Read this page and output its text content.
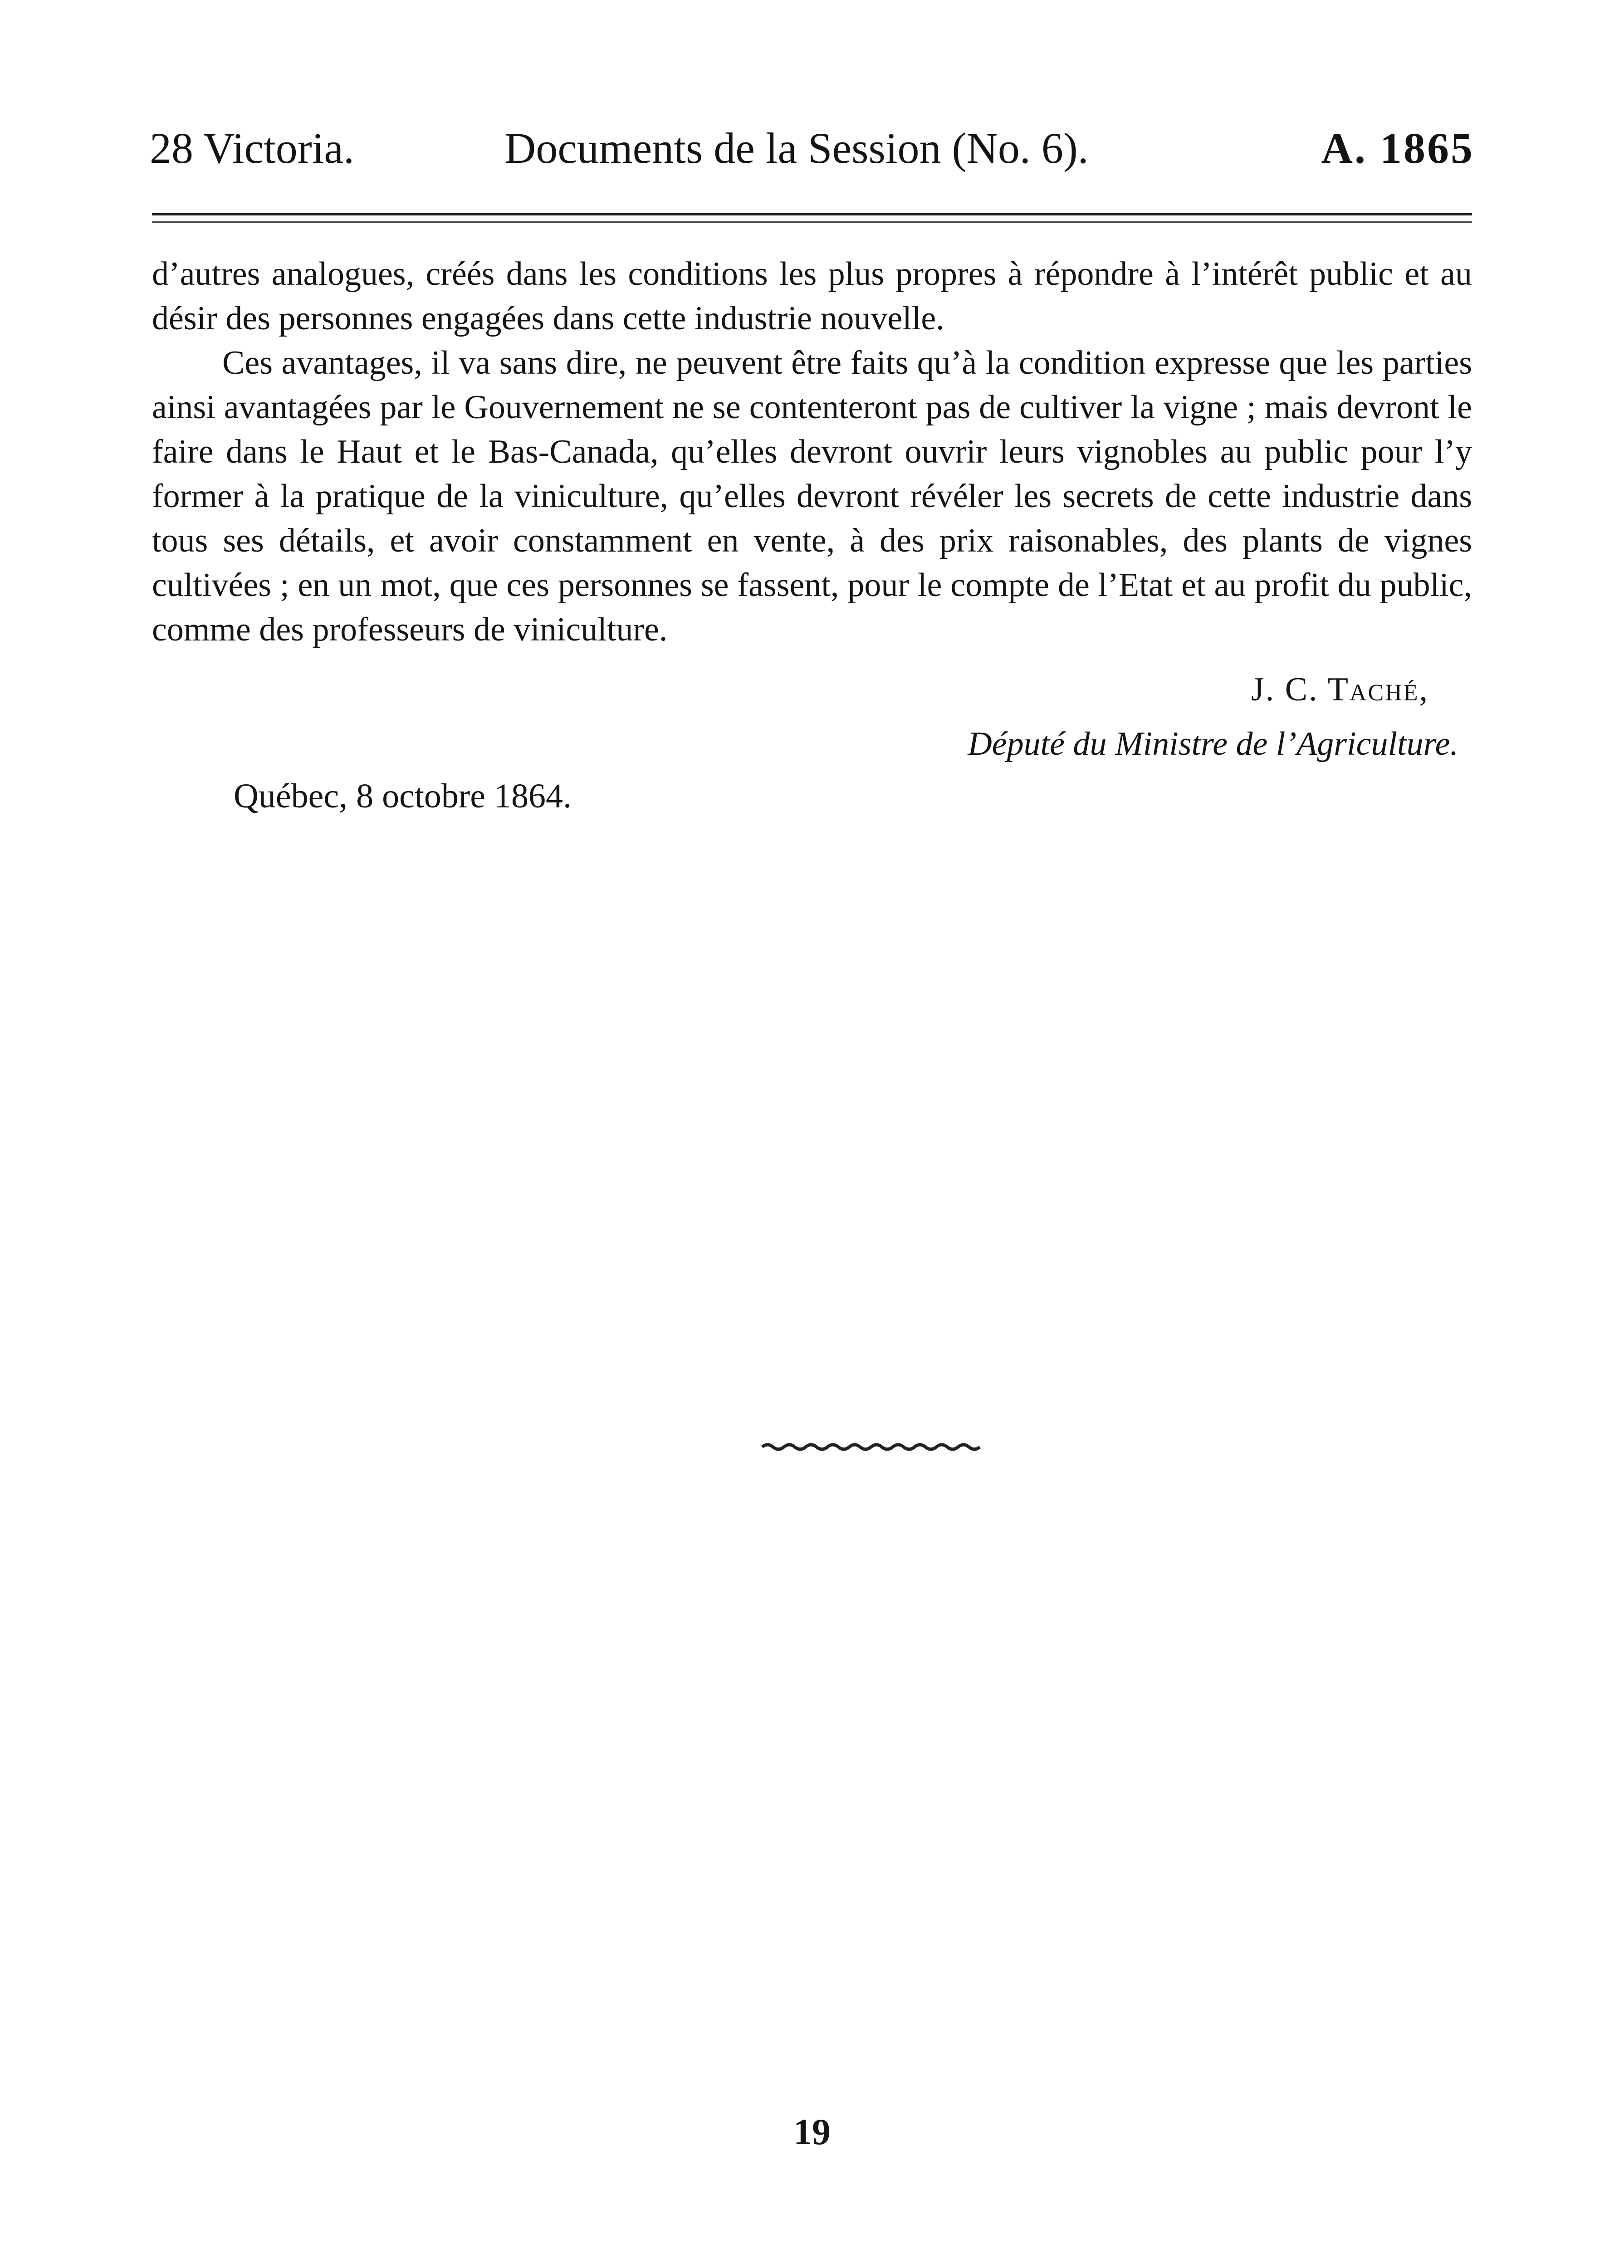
28 Victoria.	Documents de la Session (No. 6).	A. 1865

d’autres analogues, créés dans les conditions les plus propres à répondre à l’intérêt public et au désir des personnes engagées dans cette industrie nouvelle.

Ces avantages, il va sans dire, ne peuvent être faits qu’à la condition expresse que les parties ainsi avantagées par le Gouvernement ne se contenteront pas de cultiver la vigne ; mais devront le faire dans le Haut et le Bas-Canada, qu’elles devront ouvrir leurs vignobles au public pour l’y former à la pratique de la viniculture, qu’elles devront révéler les secrets de cette industrie dans tous ses détails, et avoir constamment en vente, à des prix raisonables, des plants de vignes cultivées ; en un mot, que ces personnes se fassent, pour le compte de l’Etat et au profit du public, comme des professeurs de viniculture.

J. C. Taché,
Député du Ministre de l’Agriculture.
Québec, 8 octobre 1864.
19
